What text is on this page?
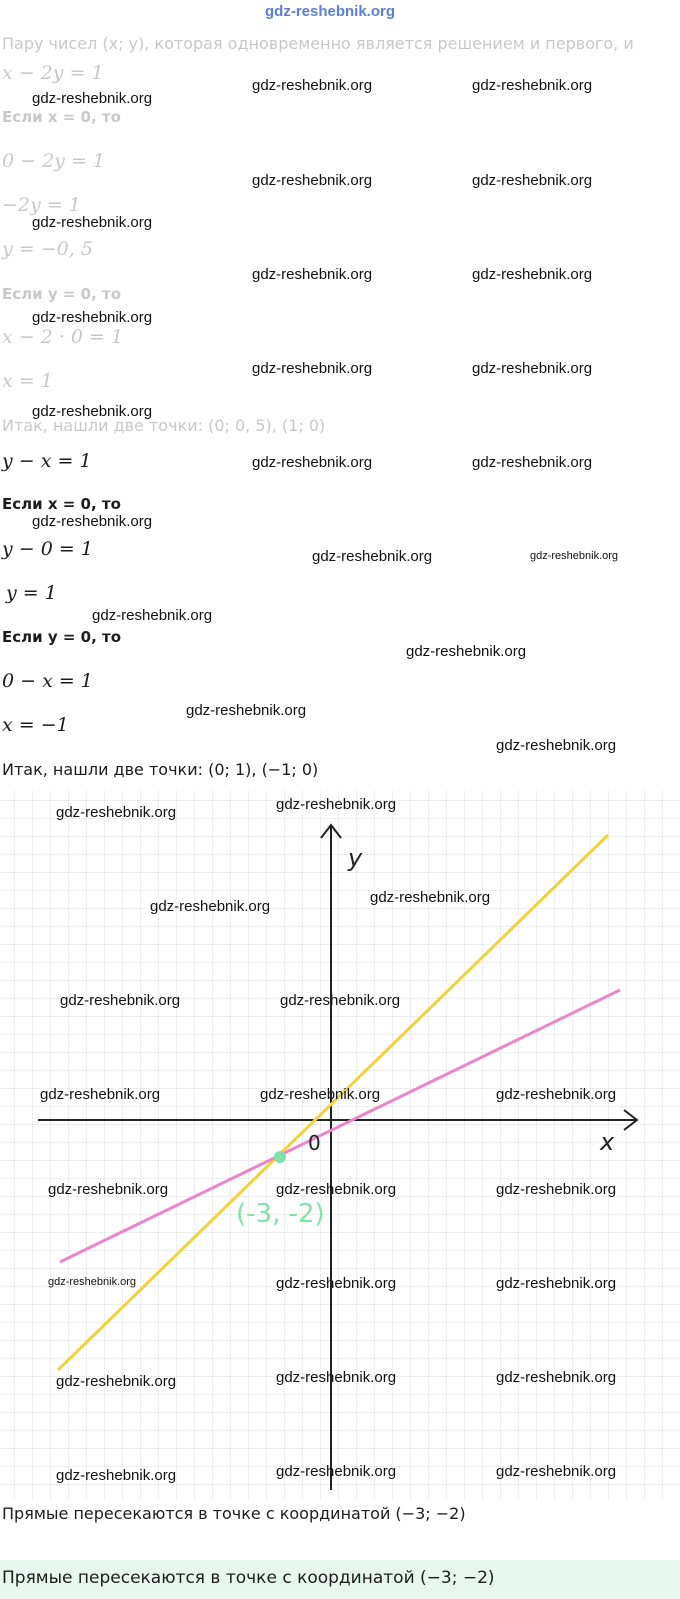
gdz-reshebnik.org
Пару чисел (x; y), которая одновременно является решением и первого, и
x − 2y = 1
Если x = 0, то
0 − 2y = 1
−2y = 1
y = −0, 5
Если y = 0, то
x − 2 · 0 = 1
x = 1
Итак, нашли две точки: (0; 0, 5), (1; 0)
y − x = 1
Если x = 0, то
y − 0 = 1
y = 1
Если y = 0, то
0 − x = 1
x = −1
Итак, нашли две точки: (0; 1), (−1; 0)
y
x
0
(-3, -2)
gdz-reshebnik.org	gdz-reshebnik.org
gdz-reshebnik.org
gdz-reshebnik.org	gdz-reshebnik.org
gdz-reshebnik.org
gdz-reshebnik.org	gdz-reshebnik.org
gdz-reshebnik.org
gdz-reshebnik.org	gdz-reshebnik.org
gdz-reshebnik.org
gdz-reshebnik.org	gdz-reshebnik.org
gdz-reshebnik.org
gdz-reshebnik.org	gdz-reshebnik.org
gdz-reshebnik.org
gdz-reshebnik.org
gdz-reshebnik.org
gdz-reshebnik.org
gdz-reshebnik.org
gdz-reshebnik.org
gdz-reshebnik.org
gdz-reshebnik.org
gdz-reshebnik.org	gdz-reshebnik.org
gdz-reshebnik.org	gdz-reshebnik.org	gdz-reshebnik.org
gdz-reshebnik.org	gdz-reshebnik.org	gdz-reshebnik.org
gdz-reshebnik.org	gdz-reshebnik.org	gdz-reshebnik.org
gdz-reshebnik.org	gdz-reshebnik.org	gdz-reshebnik.org
gdz-reshebnik.org	gdz-reshebnik.org	gdz-reshebnik.org
Прямые пересекаются в точке с координатой (−3; −2)
Прямые пересекаются в точке с координатой (−3; −2)
